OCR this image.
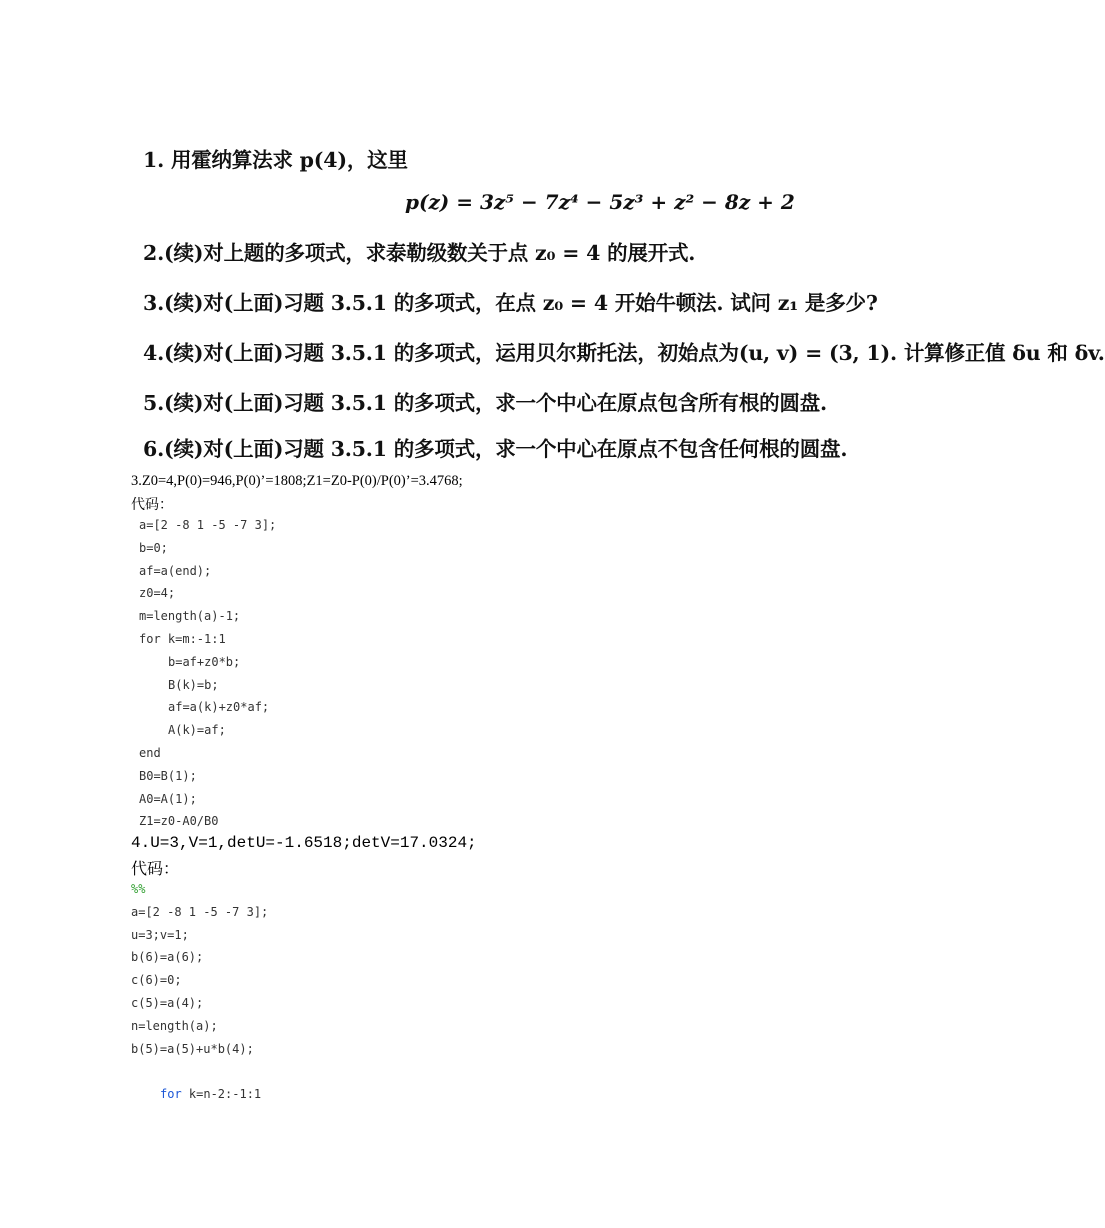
1. 用霍纳算法求 p(4)，这里
p(z) = 3z⁵ − 7z⁴ − 5z³ + z² − 8z + 2
2.(续)对上题的多项式，求泰勒级数关于点 z₀ = 4 的展开式.
3.(续)对(上面)习题 3.5.1 的多项式，在点 z₀ = 4 开始牛顿法. 试问 z₁ 是多少?
4.(续)对(上面)习题 3.5.1 的多项式，运用贝尔斯托法，初始点为(u, v) = (3, 1). 计算修正值 δu 和 δv.
5.(续)对(上面)习题 3.5.1 的多项式，求一个中心在原点包含所有根的圆盘.
6.(续)对(上面)习题 3.5.1 的多项式，求一个中心在原点不包含任何根的圆盘.
3.Z0=4,P(0)=946,P(0)’=1808;Z1=Z0-P(0)/P(0)’=3.4768;
代码：
a=[2 -8 1 -5 -7 3];
b=0;
af=a(end);
z0=4;
m=length(a)-1;
for k=m:-1:1
b=af+z0*b;
B(k)=b;
af=a(k)+z0*af;
A(k)=af;
end
B0=B(1);
A0=A(1);
Z1=z0-A0/B0
4.U=3,V=1,detU=-1.6518;detV=17.0324;
代码：
%%
a=[2 -8 1 -5 -7 3];
u=3;v=1;
b(6)=a(6);
c(6)=0;
c(5)=a(4);
n=length(a);
b(5)=a(5)+u*b(4);
for k=n-2:-1:1
